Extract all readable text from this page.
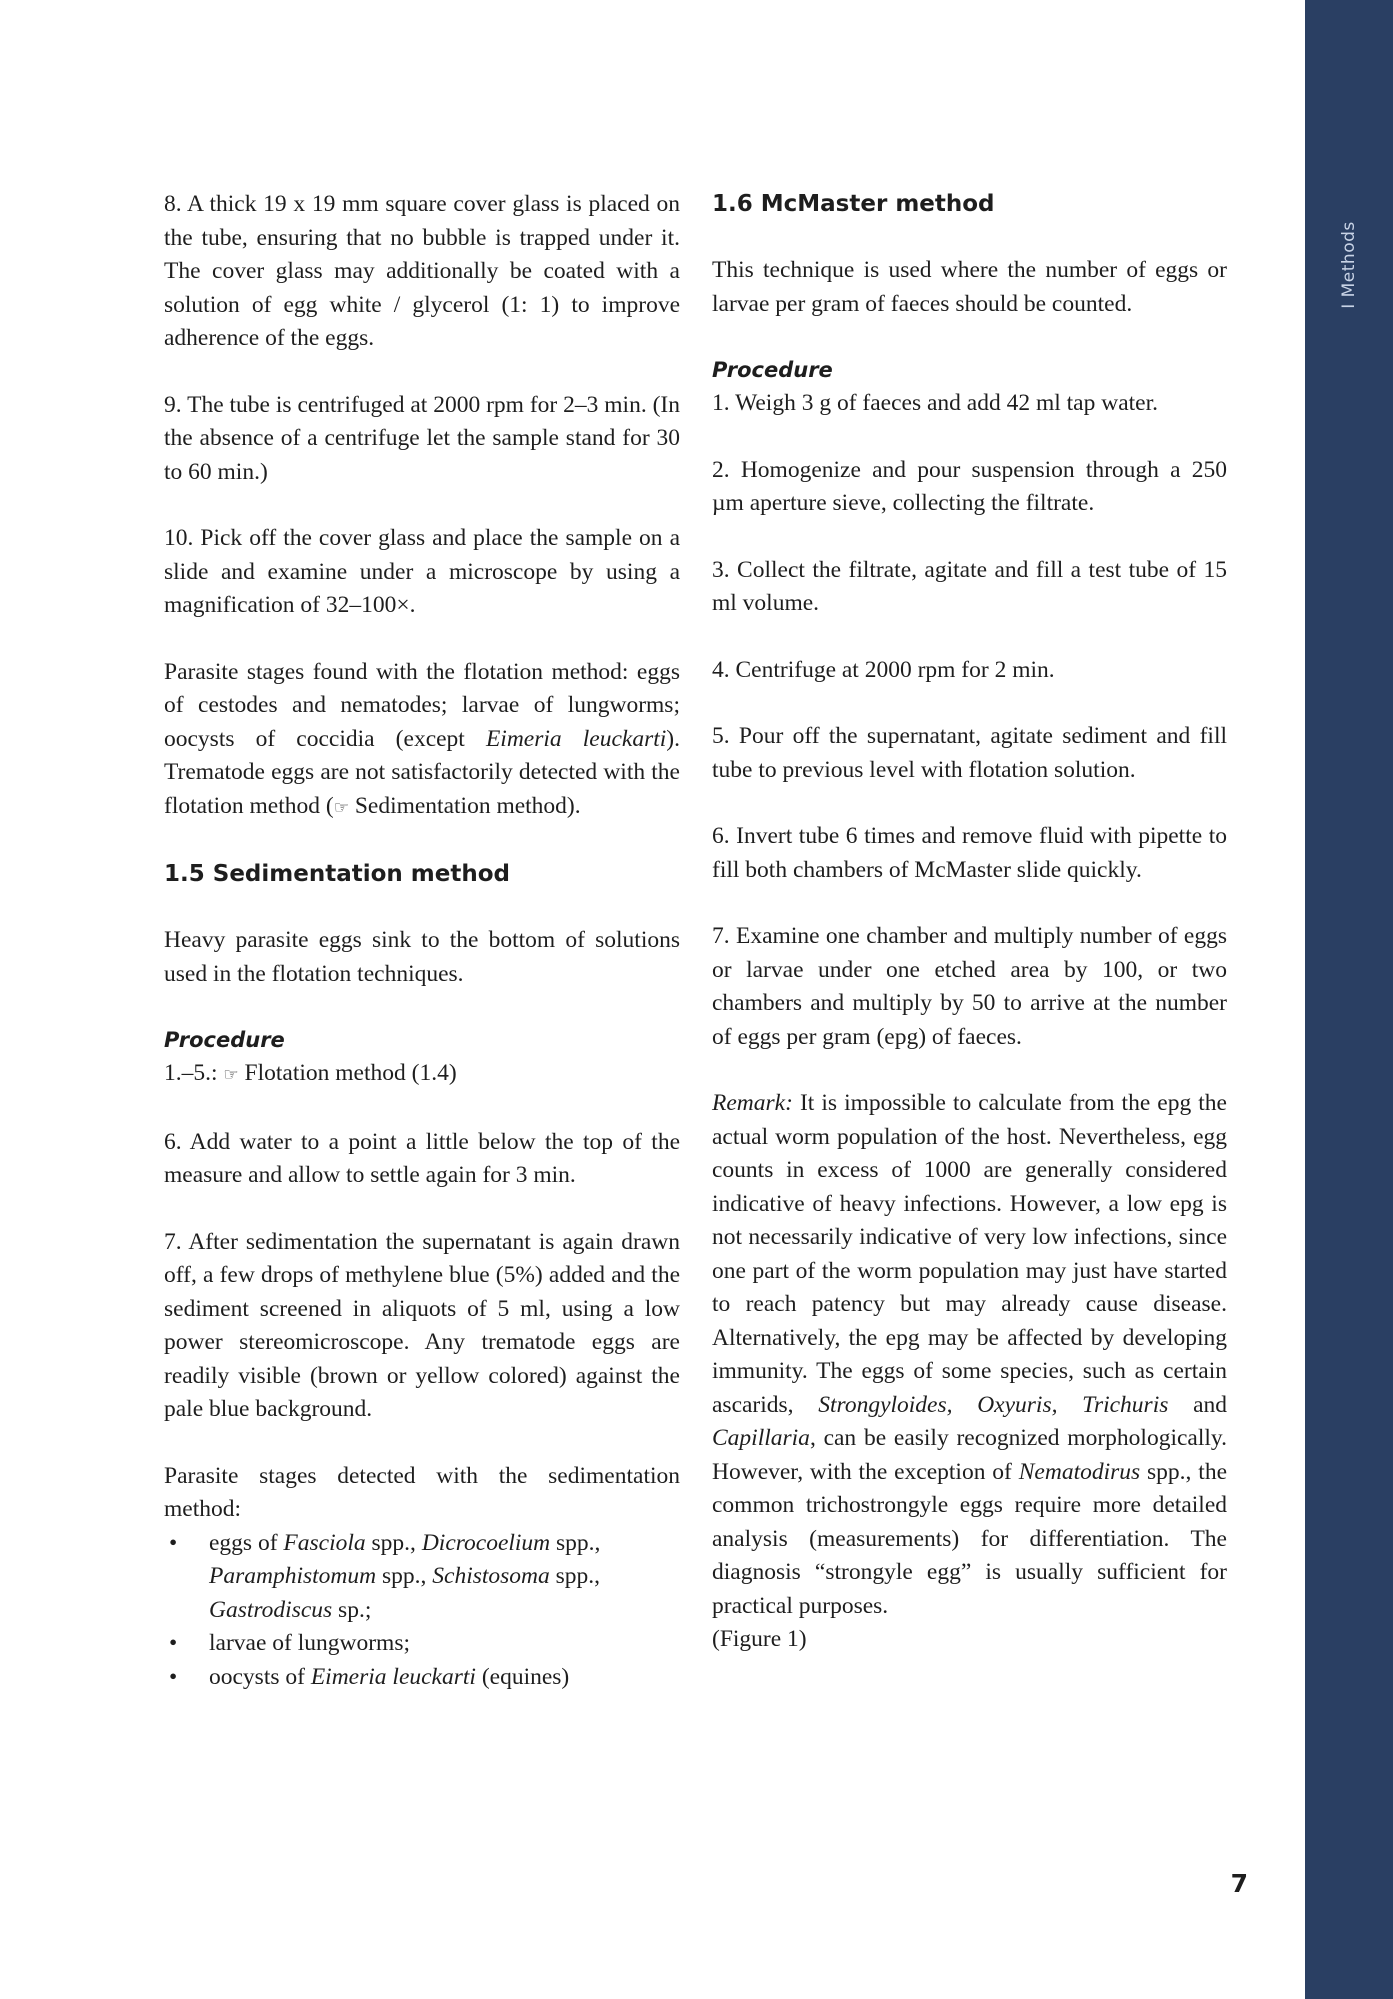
I Methods

8. A thick 19 x 19 mm square cover glass is placed on the tube, ensuring that no bubble is trapped under it. The cover glass may additionally be coated with a solution of egg white / glycerol (1: 1) to improve adherence of the eggs.

9. The tube is centrifuged at 2000 rpm for 2–3 min. (In the absence of a centrifuge let the sample stand for 30 to 60 min.)

10. Pick off the cover glass and place the sample on a slide and examine under a microscope by using a magnification of 32–100×.

Parasite stages found with the flotation method: eggs of cestodes and nematodes; larvae of lungworms; oocysts of coccidia (except Eimeria leuckarti). Trematode eggs are not satisfactorily detected with the flotation method (☞ Sedimentation method).

1.5 Sedimentation method

Heavy parasite eggs sink to the bottom of solutions used in the flotation techniques.

Procedure

1.–5.: ☞ Flotation method (1.4)

6. Add water to a point a little below the top of the measure and allow to settle again for 3 min.

7. After sedimentation the supernatant is again drawn off, a few drops of methylene blue (5%) added and the sediment screened in aliquots of 5 ml, using a low power stereomicroscope. Any trematode eggs are readily visible (brown or yellow colored) against the pale blue background.

Parasite stages detected with the sedimentation method:

• eggs of Fasciola spp., Dicrocoelium spp., Paramphistomum spp., Schistosoma spp., Gastrodiscus sp.;
• larvae of lungworms;
• oocysts of Eimeria leuckarti (equines)
1.6 McMaster method

This technique is used where the number of eggs or larvae per gram of faeces should be counted.

Procedure

1. Weigh 3 g of faeces and add 42 ml tap water.

2. Homogenize and pour suspension through a 250 µm aperture sieve, collecting the filtrate.

3. Collect the filtrate, agitate and fill a test tube of 15 ml volume.

4. Centrifuge at 2000 rpm for 2 min.

5. Pour off the supernatant, agitate sediment and fill tube to previous level with flotation solution.

6. Invert tube 6 times and remove fluid with pipette to fill both chambers of McMaster slide quickly.

7. Examine one chamber and multiply number of eggs or larvae under one etched area by 100, or two chambers and multiply by 50 to arrive at the number of eggs per gram (epg) of faeces.

Remark: It is impossible to calculate from the epg the actual worm population of the host. Nevertheless, egg counts in excess of 1000 are generally considered indicative of heavy infections. However, a low epg is not necessarily indicative of very low infections, since one part of the worm population may just have started to reach patency but may already cause disease. Alternatively, the epg may be affected by developing immunity. The eggs of some species, such as certain ascarids, Strongyloides, Oxyuris, Trichuris and Capillaria, can be easily recognized morphologically. However, with the exception of Nematodirus spp., the common trichostrongyle eggs require more detailed analysis (measurements) for differentiation. The diagnosis “strongyle egg” is usually sufficient for practical purposes.

(Figure 1)

7
